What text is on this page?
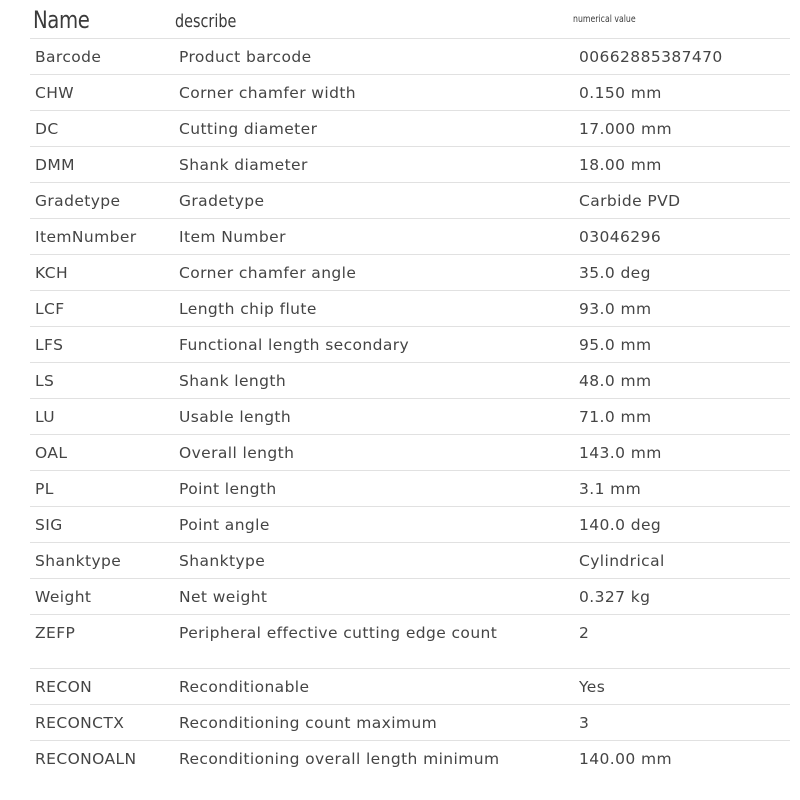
Name	describe	numerical value
Barcode	Product barcode	00662885387470
CHW	Corner chamfer width	0.150 mm
DC	Cutting diameter	17.000 mm
DMM	Shank diameter	18.00 mm
Gradetype	Gradetype	Carbide PVD
ItemNumber	Item Number	03046296
KCH	Corner chamfer angle	35.0 deg
LCF	Length chip flute	93.0 mm
LFS	Functional length secondary	95.0 mm
LS	Shank length	48.0 mm
LU	Usable length	71.0 mm
OAL	Overall length	143.0 mm
PL	Point length	3.1 mm
SIG	Point angle	140.0 deg
Shanktype	Shanktype	Cylindrical
Weight	Net weight	0.327 kg
ZEFP	Peripheral effective cutting edge count	2
RECON	Reconditionable	Yes
RECONCTX	Reconditioning count maximum	3
RECONOALN	Reconditioning overall length minimum	140.00 mm
